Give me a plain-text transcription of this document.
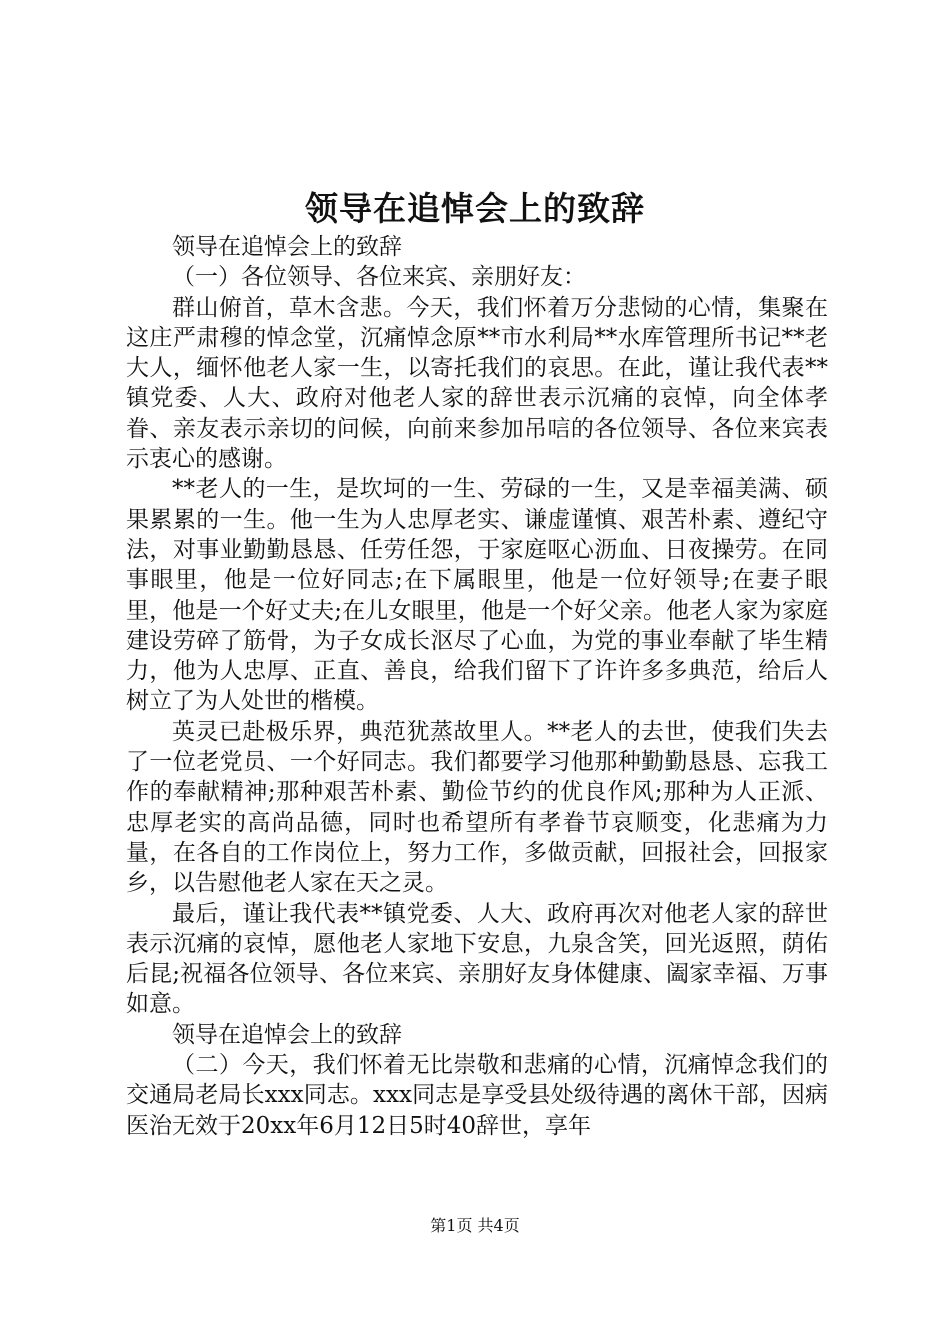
领导在追悼会上的致辞

领导在追悼会上的致辞

（一）各位领导、各位来宾、亲朋好友：

群山俯首，草木含悲。今天，我们怀着万分悲恸的心情，集聚在这庄严肃穆的悼念堂，沉痛悼念原**市水利局**水库管理所书记**老大人，缅怀他老人家一生，以寄托我们的哀思。在此，谨让我代表**镇党委、人大、政府对他老人家的辞世表示沉痛的哀悼，向全体孝眷、亲友表示亲切的问候，向前来参加吊唁的各位领导、各位来宾表示衷心的感谢。

**老人的一生，是坎坷的一生、劳碌的一生，又是幸福美满、硕果累累的一生。他一生为人忠厚老实、谦虚谨慎、艰苦朴素、遵纪守法，对事业勤勤恳恳、任劳任怨，于家庭呕心沥血、日夜操劳。在同事眼里，他是一位好同志;在下属眼里，他是一位好领导;在妻子眼里，他是一个好丈夫;在儿女眼里，他是一个好父亲。他老人家为家庭建设劳碎了筋骨，为子女成长沤尽了心血，为党的事业奉献了毕生精力，他为人忠厚、正直、善良，给我们留下了许许多多典范，给后人树立了为人处世的楷模。

英灵已赴极乐界，典范犹蒸故里人。**老人的去世，使我们失去了一位老党员、一个好同志。我们都要学习他那种勤勤恳恳、忘我工作的奉献精神;那种艰苦朴素、勤俭节约的优良作风;那种为人正派、忠厚老实的高尚品德，同时也希望所有孝眷节哀顺变，化悲痛为力量，在各自的工作岗位上，努力工作，多做贡献，回报社会，回报家乡，以告慰他老人家在天之灵。

最后，谨让我代表**镇党委、人大、政府再次对他老人家的辞世表示沉痛的哀悼，愿他老人家地下安息，九泉含笑，回光返照，荫佑后昆;祝福各位领导、各位来宾、亲朋好友身体健康、阖家幸福、万事如意。

领导在追悼会上的致辞

（二）今天，我们怀着无比崇敬和悲痛的心情，沉痛悼念我们的交通局老局长xxx同志。xxx同志是享受县处级待遇的离休干部，因病医治无效于20xx年6月12日5时40辞世，享年

第1页 共4页
